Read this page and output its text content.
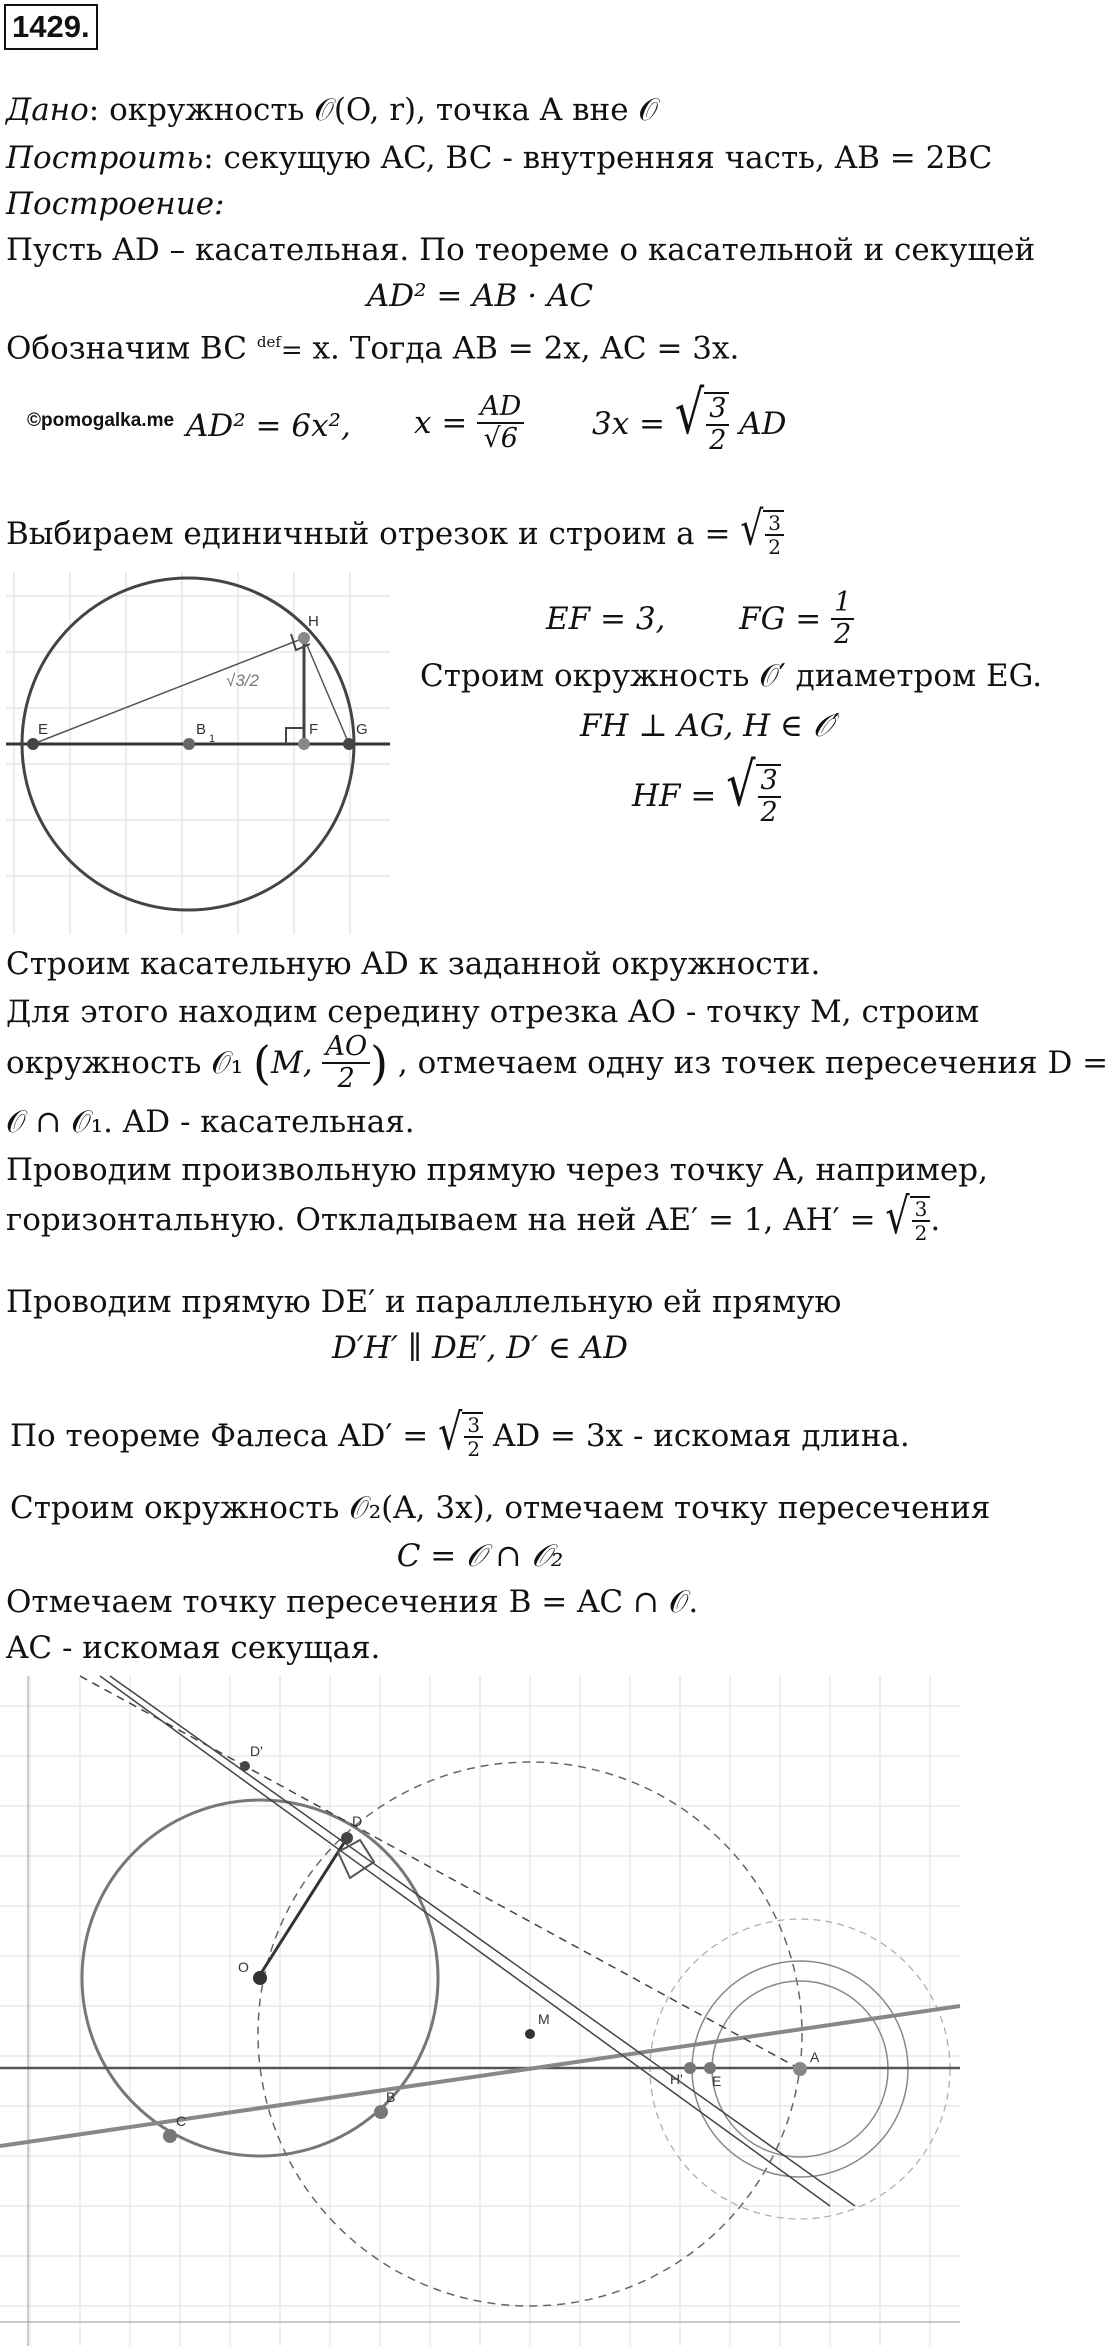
1429.
Дано: окружность 𝒪(O, r), точка A вне 𝒪
Построить: секущую AC, BC - внутренняя часть, AB = 2BC
Построение:
Пусть AD – касательная. По теореме о касательной и секущей
AD² = AB · AC
Обозначим BC $^{def}$= x. Тогда AB = 2x, AC = 3x.
©pomogalka.me AD² = 6x², $x = \frac{AD}{√6} 3x$ = √ $\frac{3}{2}$ AD
Выбираем единичный отрезок и строим a = √ $\frac{3}{2}$
E	B
1
F	G
H
√3/2
EF = 3, FG = $\frac{1}{2}$
Строим окружность 𝒪′ диаметром EG.
FH ⊥ AG, H ∈ 𝒪′
HF = √ $\frac{3}{2}$
Строим касательную AD к заданной окружности.
Для этого находим середину отрезка AO - точку M, строим
окружность 𝒪₁ (M, $\frac{AO}{2}$ ) , отмечаем одну из точек пересечения D =
𝒪 ∩ 𝒪₁. AD - касательная.
Проводим произвольную прямую через точку A, например,
горизонтальную. Откладываем на ней AE′ = 1, AH′ = √ $\frac{3}{2}$ .
Проводим прямую DE′ и параллельную ей прямую
D′H′ ∥ DE′, D′ ∈ AD
По теореме Фалеса AD′ = √ $\frac{3}{2}$ AD = 3x - искомая длина.
Строим окружность 𝒪₂(A, 3x), отмечаем точку пересечения
C = 𝒪 ∩ 𝒪₂
Отмечаем точку пересечения B = AC ∩ 𝒪.
AC - искомая секущая.
D'
D
O
M
C
B
H' E
A
